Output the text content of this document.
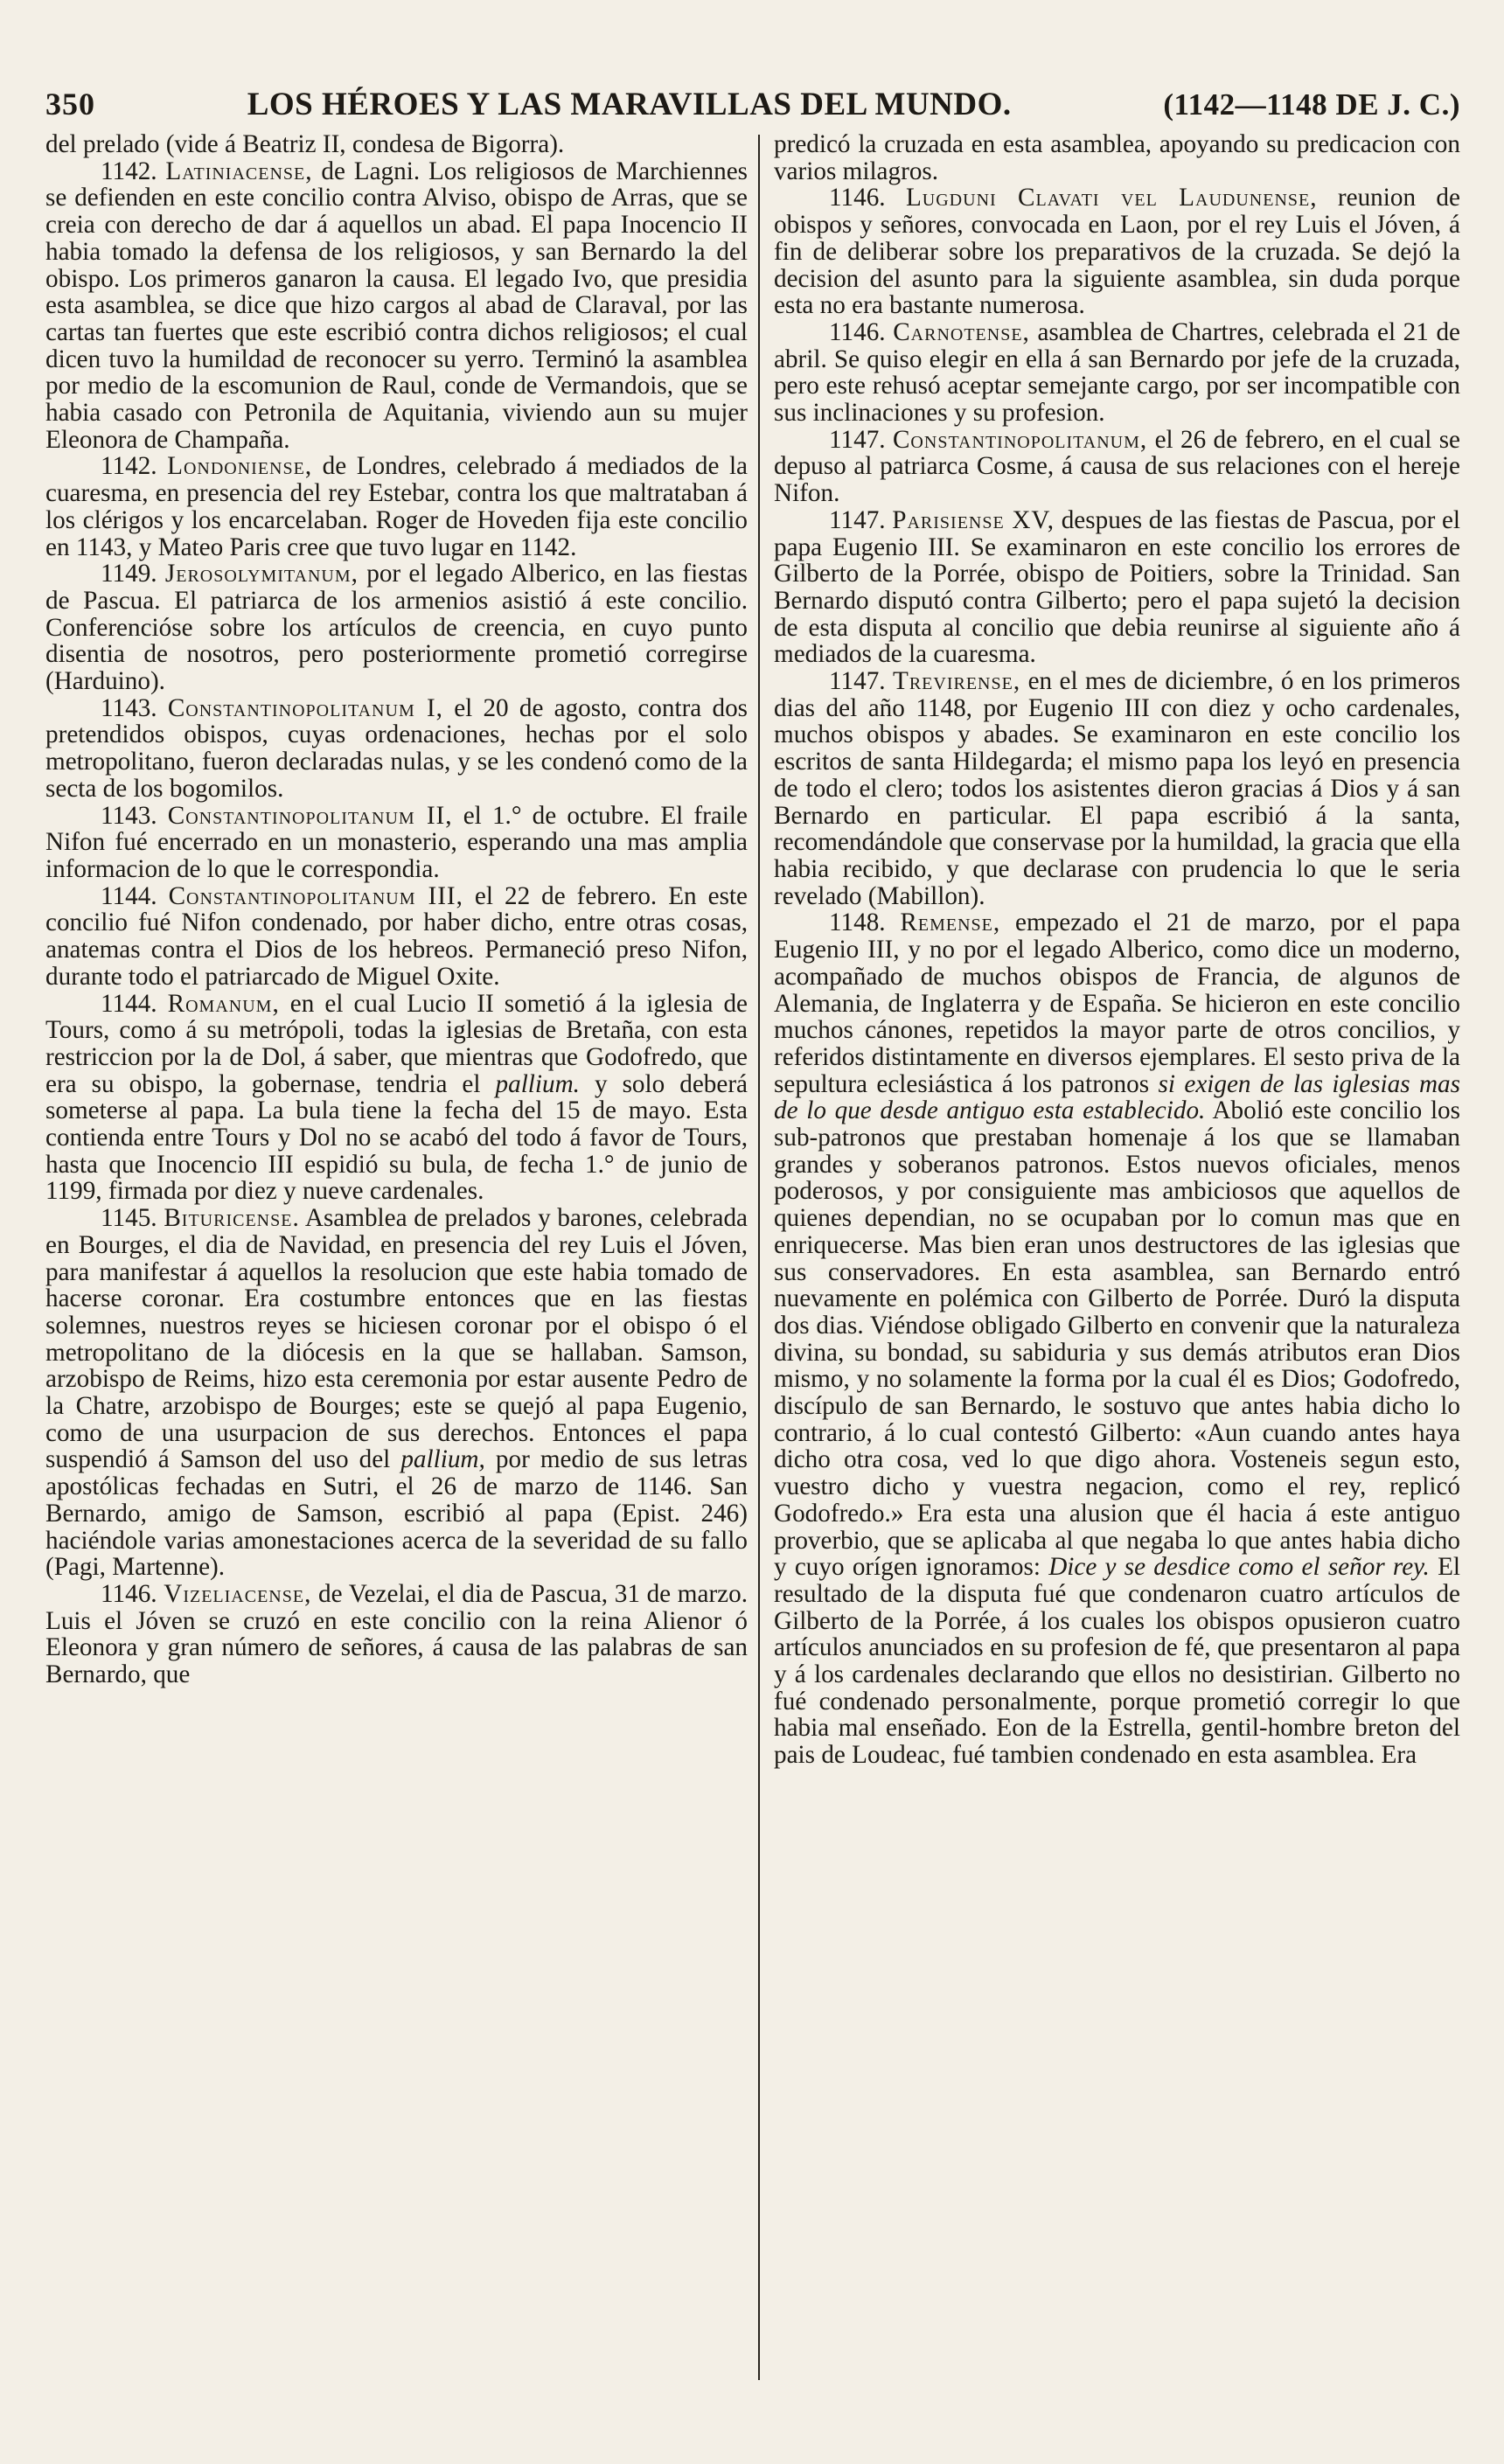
350	LOS HÉROES Y LAS MARAVILLAS DEL MUNDO.	(1142—1148 DE J. C.)

del prelado (vide á Beatriz II, condesa de Bigorra).

1142. Latiniacense, de Lagni. Los religiosos de Marchiennes se defienden en este concilio contra Alviso, obispo de Arras, que se creia con derecho de dar á aquellos un abad. El papa Inocencio II habia tomado la defensa de los religiosos, y san Bernardo la del obispo. Los primeros ganaron la causa. El legado Ivo, que presidia esta asamblea, se dice que hizo cargos al abad de Claraval, por las cartas tan fuertes que este escribió contra dichos religiosos; el cual dicen tuvo la humildad de reconocer su yerro. Terminó la asamblea por medio de la escomunion de Raul, conde de Vermandois, que se habia casado con Petronila de Aquitania, viviendo aun su mujer Eleonora de Champaña.

1142. Londoniense, de Londres, celebrado á mediados de la cuaresma, en presencia del rey Estebar, contra los que maltrataban á los clérigos y los encarcelaban. Roger de Hoveden fija este concilio en 1143, y Mateo Paris cree que tuvo lugar en 1142.

1149. Jerosolymitanum, por el legado Alberico, en las fiestas de Pascua. El patriarca de los armenios asistió á este concilio. Conferencióse sobre los artículos de creencia, en cuyo punto disentia de nosotros, pero posteriormente prometió corregirse (Harduino).

1143. Constantinopolitanum I, el 20 de agosto, contra dos pretendidos obispos, cuyas ordenaciones, hechas por el solo metropolitano, fueron declaradas nulas, y se les condenó como de la secta de los bogomilos.

1143. Constantinopolitanum II, el 1.° de octubre. El fraile Nifon fué encerrado en un monasterio, esperando una mas amplia informacion de lo que le correspondia.

1144. Constantinopolitanum III, el 22 de febrero. En este concilio fué Nifon condenado, por haber dicho, entre otras cosas, anatemas contra el Dios de los hebreos. Permaneció preso Nifon, durante todo el patriarcado de Miguel Oxite.

1144. Romanum, en el cual Lucio II sometió á la iglesia de Tours, como á su metrópoli, todas la iglesias de Bretaña, con esta restriccion por la de Dol, á saber, que mientras que Godofredo, que era su obispo, la gobernase, tendria el pallium. y solo deberá someterse al papa. La bula tiene la fecha del 15 de mayo. Esta contienda entre Tours y Dol no se acabó del todo á favor de Tours, hasta que Inocencio III espidió su bula, de fecha 1.° de junio de 1199, firmada por diez y nueve cardenales.

1145. Bituricense. Asamblea de prelados y barones, celebrada en Bourges, el dia de Navidad, en presencia del rey Luis el Jóven, para manifestar á aquellos la resolucion que este habia tomado de hacerse coronar. Era costumbre entonces que en las fiestas solemnes, nuestros reyes se hiciesen coronar por el obispo ó el metropolitano de la diócesis en la que se hallaban. Samson, arzobispo de Reims, hizo esta ceremonia por estar ausente Pedro de la Chatre, arzobispo de Bourges; este se quejó al papa Eugenio, como de una usurpacion de sus derechos. Entonces el papa suspendió á Samson del uso del pallium, por medio de sus letras apostólicas fechadas en Sutri, el 26 de marzo de 1146. San Bernardo, amigo de Samson, escribió al papa (Epist. 246) haciéndole varias amonestaciones acerca de la severidad de su fallo (Pagi, Martenne).

1146. Vizeliacense, de Vezelai, el dia de Pascua, 31 de marzo. Luis el Jóven se cruzó en este concilio con la reina Alienor ó Eleonora y gran número de señores, á causa de las palabras de san Bernardo, que

predicó la cruzada en esta asamblea, apoyando su predicacion con varios milagros.

1146. Lugduni Clavati vel Laudunense, reunion de obispos y señores, convocada en Laon, por el rey Luis el Jóven, á fin de deliberar sobre los preparativos de la cruzada. Se dejó la decision del asunto para la siguiente asamblea, sin duda porque esta no era bastante numerosa.

1146. Carnotense, asamblea de Chartres, celebrada el 21 de abril. Se quiso elegir en ella á san Bernardo por jefe de la cruzada, pero este rehusó aceptar semejante cargo, por ser incompatible con sus inclinaciones y su profesion.

1147. Constantinopolitanum, el 26 de febrero, en el cual se depuso al patriarca Cosme, á causa de sus relaciones con el hereje Nifon.

1147. Parisiense XV, despues de las fiestas de Pascua, por el papa Eugenio III. Se examinaron en este concilio los errores de Gilberto de la Porrée, obispo de Poitiers, sobre la Trinidad. San Bernardo disputó contra Gilberto; pero el papa sujetó la decision de esta disputa al concilio que debia reunirse al siguiente año á mediados de la cuaresma.

1147. Trevirense, en el mes de diciembre, ó en los primeros dias del año 1148, por Eugenio III con diez y ocho cardenales, muchos obispos y abades. Se examinaron en este concilio los escritos de santa Hildegarda; el mismo papa los leyó en presencia de todo el clero; todos los asistentes dieron gracias á Dios y á san Bernardo en particular. El papa escribió á la santa, recomendándole que conservase por la humildad, la gracia que ella habia recibido, y que declarase con prudencia lo que le seria revelado (Mabillon).

1148. Remense, empezado el 21 de marzo, por el papa Eugenio III, y no por el legado Alberico, como dice un moderno, acompañado de muchos obispos de Francia, de algunos de Alemania, de Inglaterra y de España. Se hicieron en este concilio muchos cánones, repetidos la mayor parte de otros concilios, y referidos distintamente en diversos ejemplares. El sesto priva de la sepultura eclesiástica á los patronos si exigen de las iglesias mas de lo que desde antiguo esta establecido. Abolió este concilio los sub-patronos que prestaban homenaje á los que se llamaban grandes y soberanos patronos. Estos nuevos oficiales, menos poderosos, y por consiguiente mas ambiciosos que aquellos de quienes dependian, no se ocupaban por lo comun mas que en enriquecerse. Mas bien eran unos destructores de las iglesias que sus conservadores. En esta asamblea, san Bernardo entró nuevamente en polémica con Gilberto de Porrée. Duró la disputa dos dias. Viéndose obligado Gilberto en convenir que la naturaleza divina, su bondad, su sabiduria y sus demás atributos eran Dios mismo, y no solamente la forma por la cual él es Dios; Godofredo, discípulo de san Bernardo, le sostuvo que antes habia dicho lo contrario, á lo cual contestó Gilberto: «Aun cuando antes haya dicho otra cosa, ved lo que digo ahora. Vosteneis segun esto, vuestro dicho y vuestra negacion, como el rey, replicó Godofredo.» Era esta una alusion que él hacia á este antiguo proverbio, que se aplicaba al que negaba lo que antes habia dicho y cuyo orígen ignoramos: Dice y se desdice como el señor rey. El resultado de la disputa fué que condenaron cuatro artículos de Gilberto de la Porrée, á los cuales los obispos opusieron cuatro artículos anunciados en su profesion de fé, que presentaron al papa y á los cardenales declarando que ellos no desistirian. Gilberto no fué condenado personalmente, porque prometió corregir lo que habia mal enseñado. Eon de la Estrella, gentil-hombre breton del pais de Loudeac, fué tambien condenado en esta asamblea. Era
